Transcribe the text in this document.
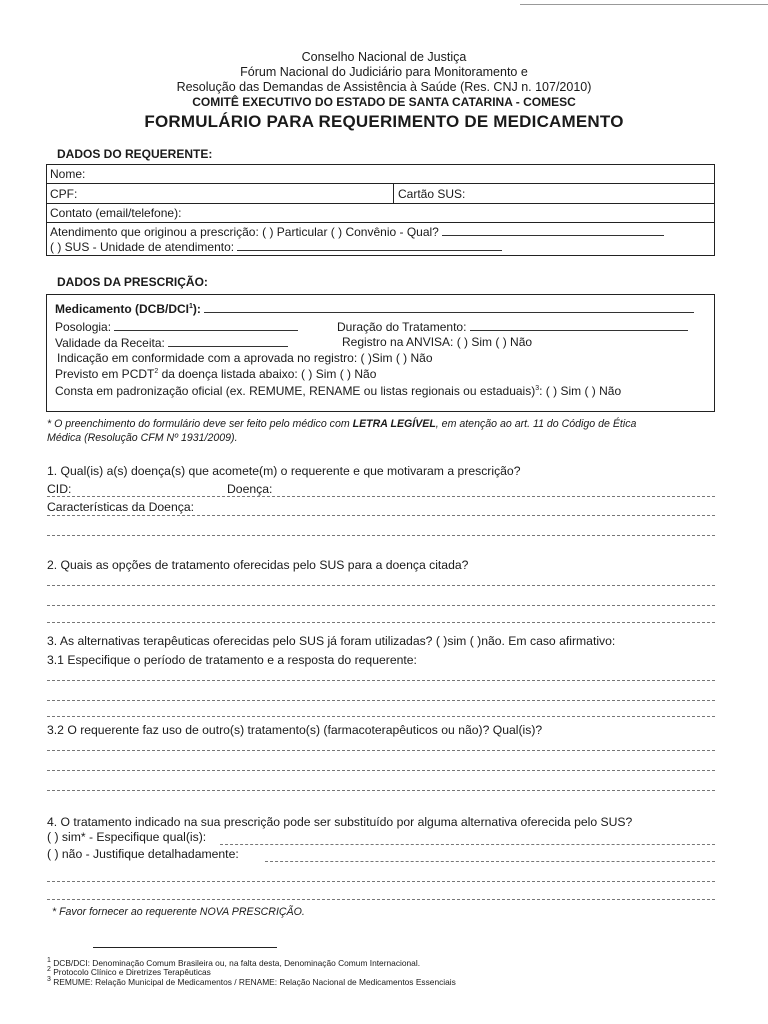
Conselho Nacional de Justiça
Fórum Nacional do Judiciário para Monitoramento e
Resolução das Demandas de Assistência à Saúde (Res. CNJ n. 107/2010)
COMITÊ EXECUTIVO DO ESTADO DE SANTA CATARINA - COMESC
FORMULÁRIO PARA REQUERIMENTO DE MEDICAMENTO
DADOS DO REQUERENTE:
Nome:
CPF:	Cartão SUS:
Contato (email/telefone):
Atendimento que originou a prescrição: ( ) Particular ( ) Convênio - Qual?
( ) SUS - Unidade de atendimento:
DADOS DA PRESCRIÇÃO:
Medicamento (DCB/DCI$^1$):
Posologia:	Duração do Tratamento:
Validade da Receita:	Registro na ANVISA: ( ) Sim ( ) Não
Indicação em conformidade com a aprovada no registro: ( )Sim ( ) Não
Previsto em PCDT$^2$ da doença listada abaixo: ( ) Sim ( ) Não
Consta em padronização oficial (ex. REMUME, RENAME ou listas regionais ou estaduais)$^3$: ( ) Sim ( ) Não
* O preenchimento do formulário deve ser feito pelo médico com LETRA LEGÍVEL, em atenção ao art. 11 do Código de Ética
Médica (Resolução CFM Nº 1931/2009).
1. Qual(is) a(s) doença(s) que acomete(m) o requerente e que motivaram a prescrição?
CID:	Doença:
Características da Doença:
2. Quais as opções de tratamento oferecidas pelo SUS para a doença citada?
3. As alternativas terapêuticas oferecidas pelo SUS já foram utilizadas? ( )sim ( )não. Em caso afirmativo:
3.1 Especifique o período de tratamento e a resposta do requerente:
3.2 O requerente faz uso de outro(s) tratamento(s) (farmacoterapêuticos ou não)? Qual(is)?
4. O tratamento indicado na sua prescrição pode ser substituído por alguma alternativa oferecida pelo SUS?
( ) sim* - Especifique qual(is):
( ) não - Justifique detalhadamente:
* Favor fornecer ao requerente NOVA PRESCRIÇÃO.
$^1$ DCB/DCI: Denominação Comum Brasileira ou, na falta desta, Denominação Comum Internacional.
$^2$ Protocolo Clínico e Diretrizes Terapêuticas
$^3$ REMUME: Relação Municipal de Medicamentos / RENAME: Relação Nacional de Medicamentos Essenciais
